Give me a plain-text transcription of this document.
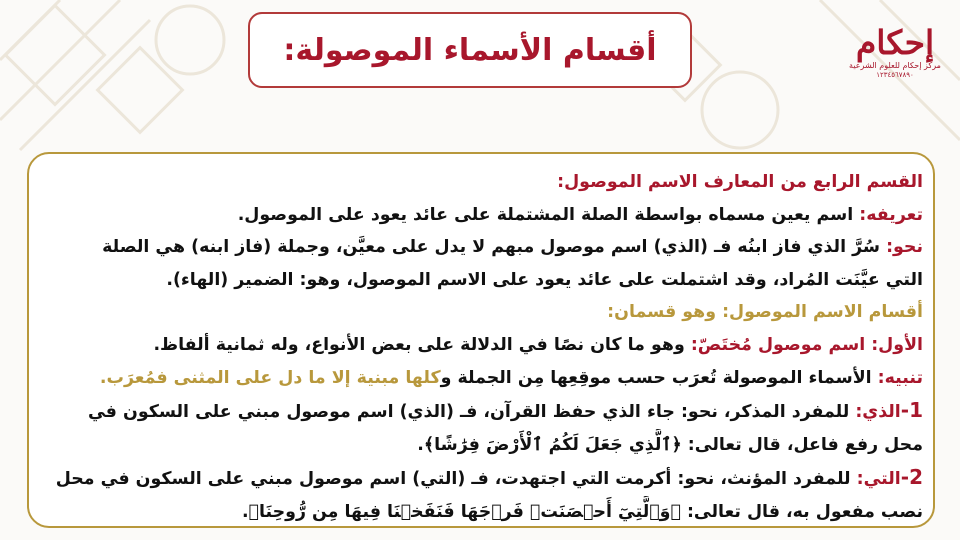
أقسام الأسماء الموصولة:	إحكام
مركز إحكام للعلوم الشرعية
١٢٣٤٥٦٧٨٩٠
القسم الرابع من المعارف الاسم الموصول:
تعريفه: اسم يعين مسماه بواسطة الصلة المشتملة على عائد يعود على الموصول.
نحو: سُرَّ الذي فاز ابنُه فـ (الذي) اسم موصول مبهم لا يدل على معيَّن، وجملة (فاز ابنه) هي الصلة
التي عيَّنَت المُراد، وقد اشتملت على عائد يعود على الاسم الموصول، وهو: الضمير (الهاء).
أقسام الاسم الموصول: وهو قسمان:
الأول: اسم موصول مُختَصّ: وهو ما كان نصًا في الدلالة على بعض الأنواع، وله ثمانية ألفاظ.
تنبيه: الأسماء الموصولة تُعرَب حسب موقِعِها مِن الجملة وكلها مبنية إلا ما دل على المثنى فمُعرَب.
1-الذي: للمفرد المذكر، نحو: جاء الذي حفظ القرآن، فـ (الذي) اسم موصول مبني على السكون في
محل رفع فاعل، قال تعالى: ﴿ٱلَّذِي جَعَلَ لَكُمُ ٱلْأَرْضَ فِرَٰشًا﴾.
2-التي: للمفرد المؤنث، نحو: أكرمت التي اجتهدت، فـ (التي) اسم موصول مبني على السكون في محل
نصب مفعول به، قال تعالى: ﴿وَٱلَّتِيٓ أَحۡصَنَتۡ فَرۡجَهَا فَنَفَخۡنَا فِيهَا مِن رُّوحِنَا﴾.
